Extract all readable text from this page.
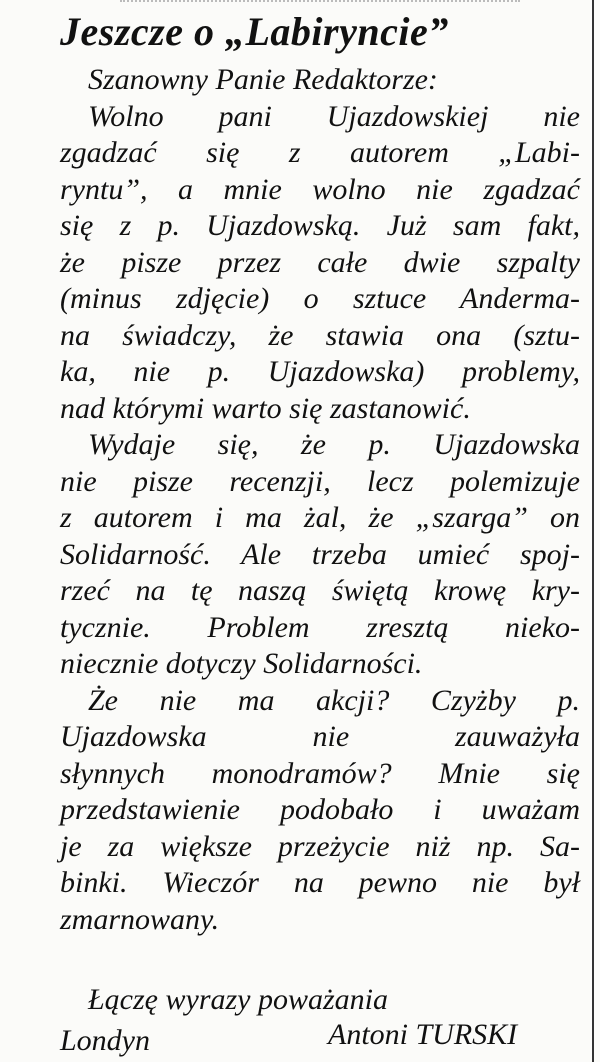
Jeszcze o „Labiryncie”
Szanowny Panie Redaktorze:
Wolno pani Ujazdowskiej nie
zgadzać się z autorem „Labi-
ryntu”, a mnie wolno nie zgadzać
się z p. Ujazdowską. Już sam fakt,
że pisze przez całe dwie szpalty
(minus zdjęcie) o sztuce Anderma-
na świadczy, że stawia ona (sztu-
ka, nie p. Ujazdowska) problemy,
nad którymi warto się zastanowić.
Wydaje się, że p. Ujazdowska
nie pisze recenzji, lecz polemizuje
z autorem i ma żal, że „szarga” on
Solidarność. Ale trzeba umieć spoj-
rzeć na tę naszą świętą krowę kry-
tycznie. Problem zresztą nieko-
niecznie dotyczy Solidarności.
Że nie ma akcji? Czyżby p.
Ujazdowska nie zauważyła
słynnych monodramów? Mnie się
przedstawienie podobało i uważam
je za większe przeżycie niż np. Sa-
binki. Wieczór na pewno nie był
zmarnowany.
Łączę wyrazy poważania
Londyn	Antoni TURSKI
